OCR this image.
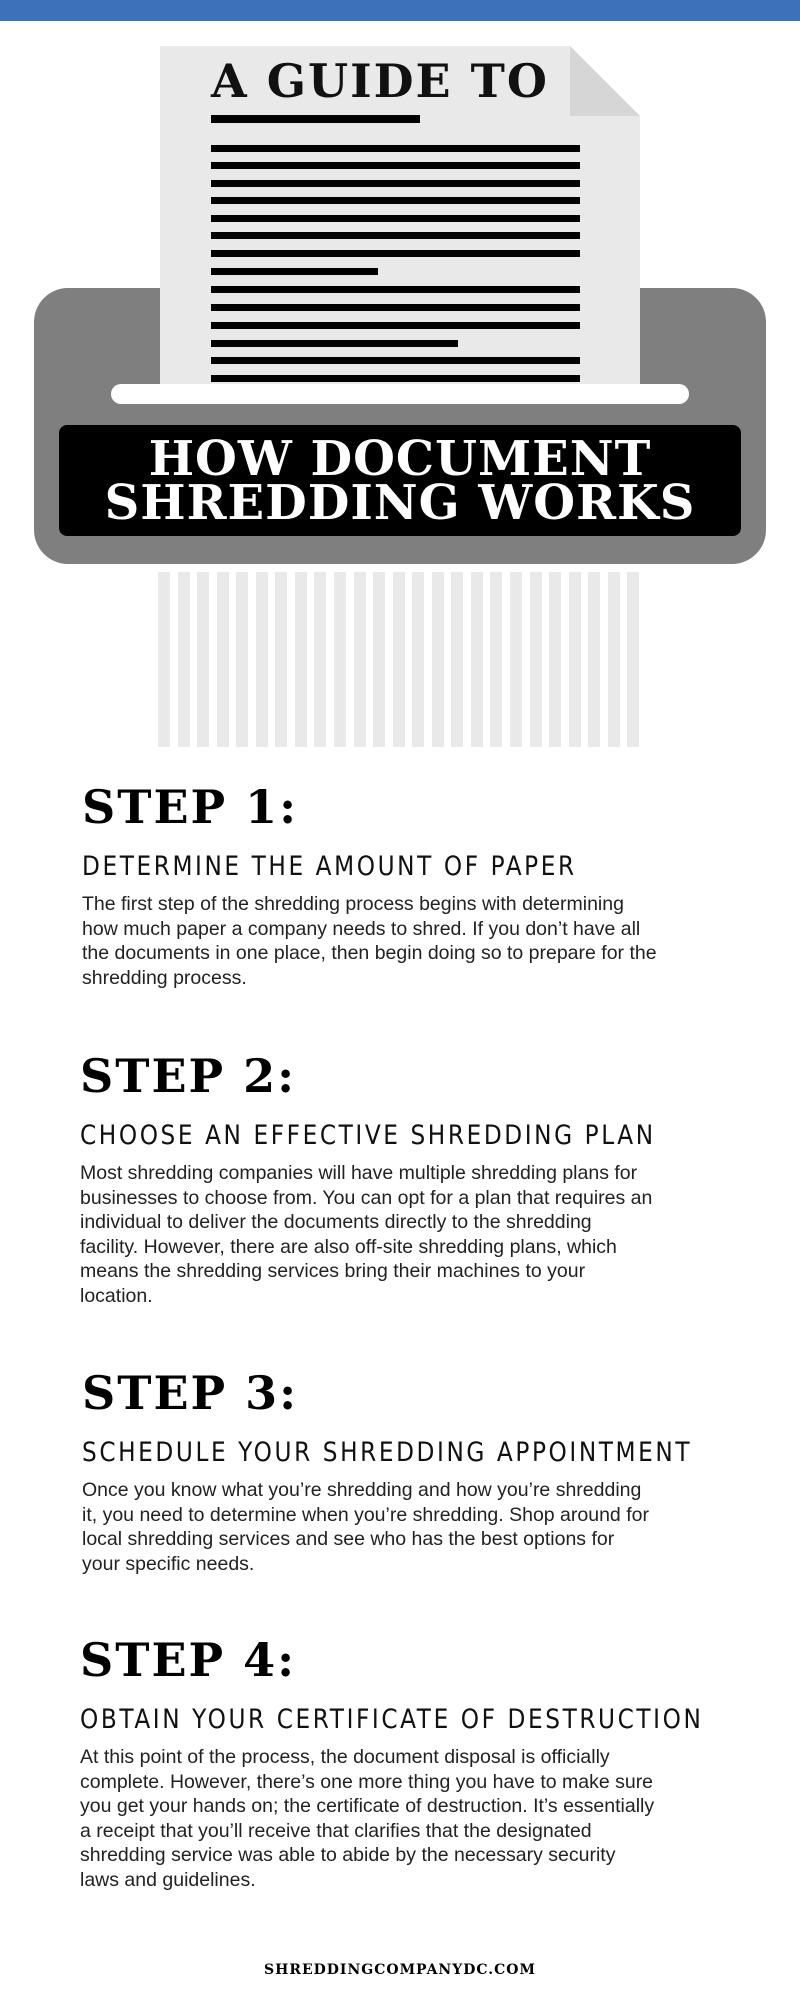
A GUIDE TO
HOW DOCUMENT SHREDDING WORKS
STEP 1:
DETERMINE THE AMOUNT OF PAPER

The first step of the shredding process begins with determining how much paper a company needs to shred. If you don’t have all the documents in one place, then begin doing so to prepare for the shredding process.

STEP 2:
CHOOSE AN EFFECTIVE SHREDDING PLAN

Most shredding companies will have multiple shredding plans for businesses to choose from. You can opt for a plan that requires an individual to deliver the documents directly to the shredding facility. However, there are also off-site shredding plans, which means the shredding services bring their machines to your location.

STEP 3:
SCHEDULE YOUR SHREDDING APPOINTMENT

Once you know what you’re shredding and how you’re shredding it, you need to determine when you’re shredding. Shop around for local shredding services and see who has the best options for your specific needs.

STEP 4:
OBTAIN YOUR CERTIFICATE OF DESTRUCTION

At this point of the process, the document disposal is officially complete. However, there’s one more thing you have to make sure you get your hands on; the certificate of destruction. It’s essentially a receipt that you’ll receive that clarifies that the designated shredding service was able to abide by the necessary security laws and guidelines.

SHREDDINGCOMPANYDC.COM
